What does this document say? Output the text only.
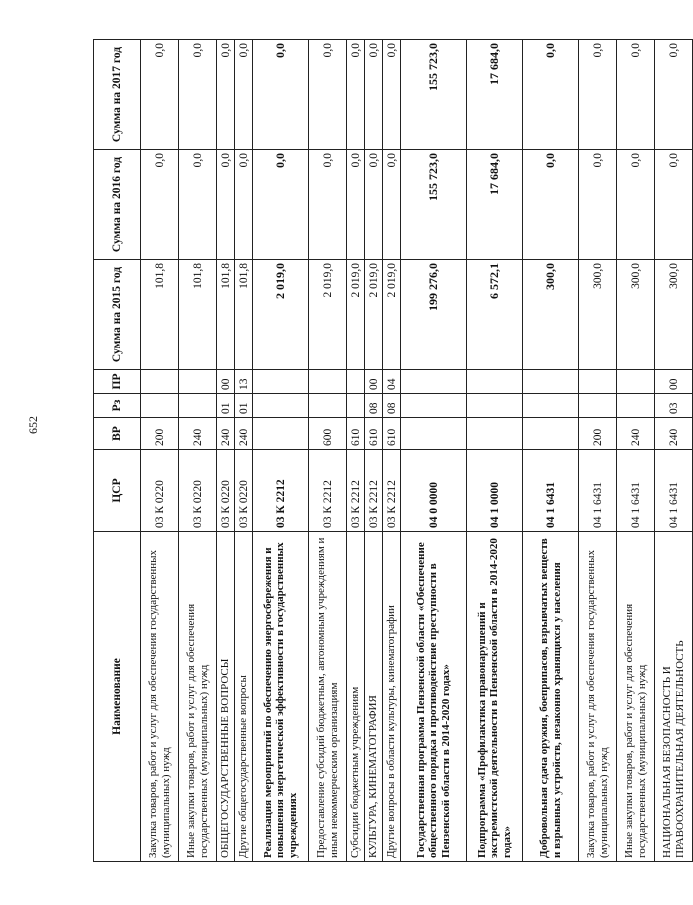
652
Наименование	ЦСР	ВР	Рз	ПР	Сумма на 2015 год	Сумма на 2016 год	Сумма на 2017 год
Закупка товаров, работ и услуг для обеспечения государственных (муниципальных) нужд	03 К 0220	200			101,8	0,0	0,0
Иные закупки товаров, работ и услуг для обеспечения государственных (муниципальных) нужд	03 К 0220	240			101,8	0,0	0,0
ОБЩЕГОСУДАРСТВЕННЫЕ ВОПРОСЫ	03 К 0220	240	01	00	101,8	0,0	0,0
Другие общегосударственные вопросы	03 К 0220	240	01	13	101,8	0,0	0,0
Реализация мероприятий по обеспечению энергосбережения и повышения энергетической эффективности в государственных учреждениях	03 К 2212				2 019,0	0,0	0,0
Предоставление субсидий бюджетным, автономным учреждениям и иным некоммерческим организациям	03 К 2212	600			2 019,0	0,0	0,0
Субсидии бюджетным учреждениям	03 К 2212	610			2 019,0	0,0	0,0
КУЛЬТУРА, КИНЕМАТОГРАФИЯ	03 К 2212	610	08	00	2 019,0	0,0	0,0
Другие вопросы в области культуры, кинематографии	03 К 2212	610	08	04	2 019,0	0,0	0,0
Государственная программа Пензенской области «Обеспечение общественного порядка и противодействие преступности в Пензенской области в 2014-2020 годах»	04 0 0000				199 276,0	155 723,0	155 723,0
Подпрограмма «Профилактика правонарушений и экстремистской деятельности в Пензенской области в 2014-2020 годах»	04 1 0000				6 572,1	17 684,0	17 684,0
Добровольная сдача оружия, боеприпасов, взрывчатых веществ и взрывных устройств, незаконно хранящихся у населения	04 1 6431				300,0	0,0	0,0
Закупка товаров, работ и услуг для обеспечения государственных (муниципальных) нужд	04 1 6431	200			300,0	0,0	0,0
Иные закупки товаров, работ и услуг для обеспечения государственных (муниципальных) нужд	04 1 6431	240			300,0	0,0	0,0
НАЦИОНАЛЬНАЯ БЕЗОПАСНОСТЬ И ПРАВООХРАНИТЕЛЬНАЯ ДЕЯТЕЛЬНОСТЬ	04 1 6431	240	03	00	300,0	0,0	0,0
